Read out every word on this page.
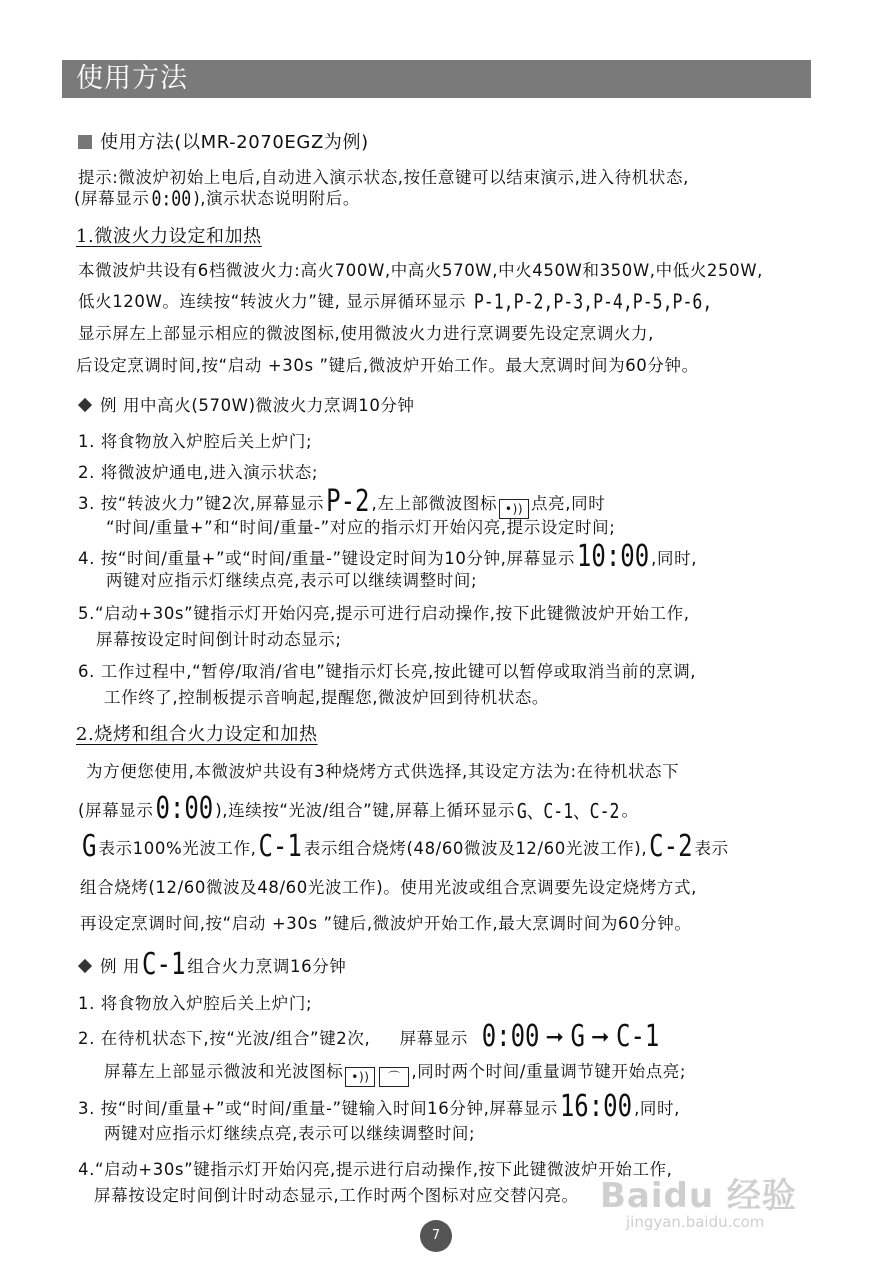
使用方法
使用方法(以MR-2070EGZ为例)
提示:微波炉初始上电后,自动进入演示状态,按任意键可以结束演示,进入待机状态,
(屏幕显示 0:00 ),演示状态说明附后。
1.微波火力设定和加热
本微波炉共设有6档微波火力:高火700W,中高火570W,中火450W和350W,中低火250W,
低火120W。连续按“转波火力”键, 显示屏循环显示 P-1,P-2,P-3,P-4,P-5,P-6,
显示屏左上部显示相应的微波图标,使用微波火力进行烹调要先设定烹调火力,
后设定烹调时间,按“启动 +30s ”键后,微波炉开始工作。最大烹调时间为60分钟。
例 用中高火(570W)微波火力烹调10分钟
1. 将食物放入炉腔后关上炉门;
2. 将微波炉通电,进入演示状态;
3. 按“转波火力”键2次,屏幕显示P-2 ,左上部微波图标 •)) 点亮,同时
“时间/重量+”和“时间/重量-”对应的指示灯开始闪亮,提示设定时间;
4. 按“时间/重量+”或“时间/重量-”键设定时间为10分钟,屏幕显示10:00 ,同时,
两键对应指示灯继续点亮,表示可以继续调整时间;
5.“启动+30s”键指示灯开始闪亮,提示可进行启动操作,按下此键微波炉开始工作,
屏幕按设定时间倒计时动态显示;
6. 工作过程中,“暂停/取消/省电”键指示灯长亮,按此键可以暂停或取消当前的烹调,
工作终了,控制板提示音响起,提醒您,微波炉回到待机状态。
2.烧烤和组合火力设定和加热
为方便您使用,本微波炉共设有3种烧烤方式供选择,其设定方法为:在待机状态下
(屏幕显示0:00 ),连续按“光波/组合”键,屏幕上循环显示 G、C-1、C-2 。
G 表示100%光波工作,C-1 表示组合烧烤(48/60微波及12/60光波工作),C-2 表示
组合烧烤(12/60微波及48/60光波工作)。使用光波或组合烹调要先设定烧烤方式,
再设定烹调时间,按“启动 +30s ”键后,微波炉开始工作,最大烹调时间为60分钟。
例 用C-1 组合火力烹调16分钟
1. 将食物放入炉腔后关上炉门;
2. 在待机状态下,按“光波/组合”键2次, 屏幕显示 0:00 ➞ G ➞ C-1
屏幕左上部显示微波和光波图标 •)) ⌒ ,同时两个时间/重量调节键开始点亮;
3. 按“时间/重量+”或“时间/重量-”键输入时间16分钟,屏幕显示16:00 ,同时,
两键对应指示灯继续点亮,表示可以继续调整时间;
4.“启动+30s”键指示灯开始闪亮,提示进行启动操作,按下此键微波炉开始工作,
屏幕按设定时间倒计时动态显示,工作时两个图标对应交替闪亮。 Baidu 经验
jingyan.baidu.com
7
